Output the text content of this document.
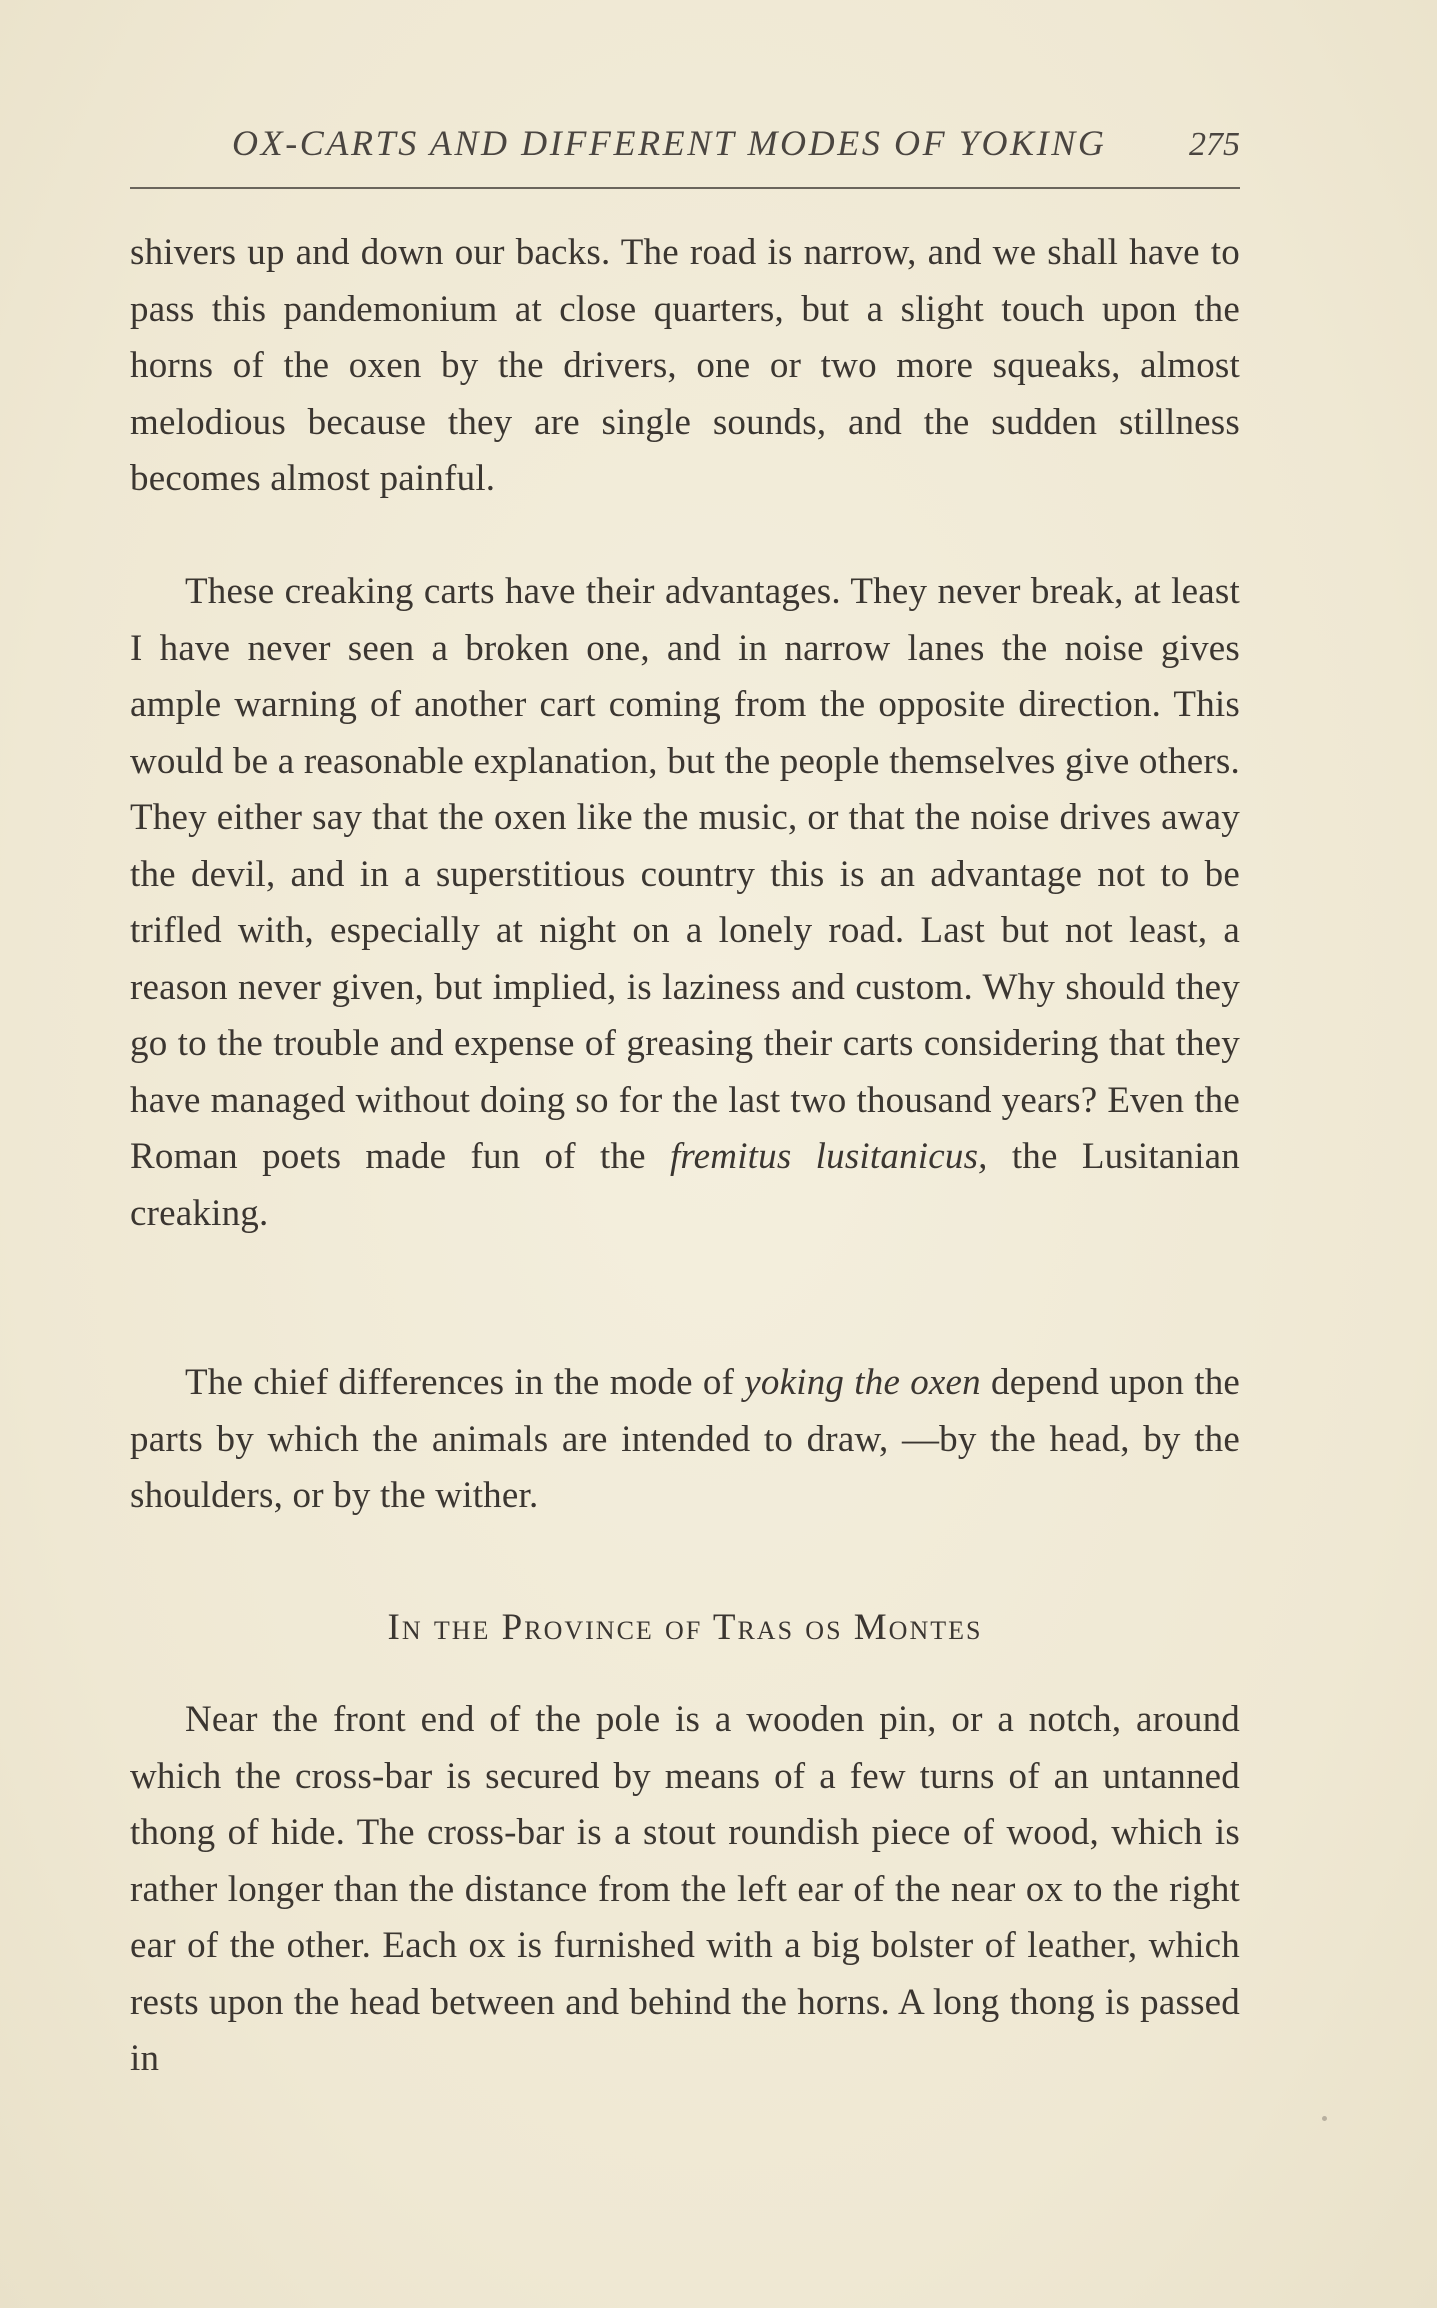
OX-CARTS AND DIFFERENT MODES OF YOKING 275

shivers up and down our backs. The road is narrow, and we shall have to pass this pandemonium at close quarters, but a slight touch upon the horns of the oxen by the drivers, one or two more squeaks, almost melodious because they are single sounds, and the sudden stillness becomes almost painful.

These creaking carts have their advantages. They never break, at least I have never seen a broken one, and in narrow lanes the noise gives ample warning of another cart coming from the opposite direction. This would be a reasonable explanation, but the people themselves give others. They either say that the oxen like the music, or that the noise drives away the devil, and in a superstitious country this is an advantage not to be trifled with, especially at night on a lonely road. Last but not least, a reason never given, but implied, is laziness and custom. Why should they go to the trouble and expense of greasing their carts considering that they have managed without doing so for the last two thousand years? Even the Roman poets made fun of the fremitus lusitanicus, the Lusitanian creaking.

The chief differences in the mode of yoking the oxen depend upon the parts by which the animals are intended to draw, —by the head, by the shoulders, or by the wither.

In the Province of Tras os Montes

Near the front end of the pole is a wooden pin, or a notch, around which the cross-bar is secured by means of a few turns of an untanned thong of hide. The cross-bar is a stout roundish piece of wood, which is rather longer than the distance from the left ear of the near ox to the right ear of the other. Each ox is furnished with a big bolster of leather, which rests upon the head between and behind the horns. A long thong is passed in
